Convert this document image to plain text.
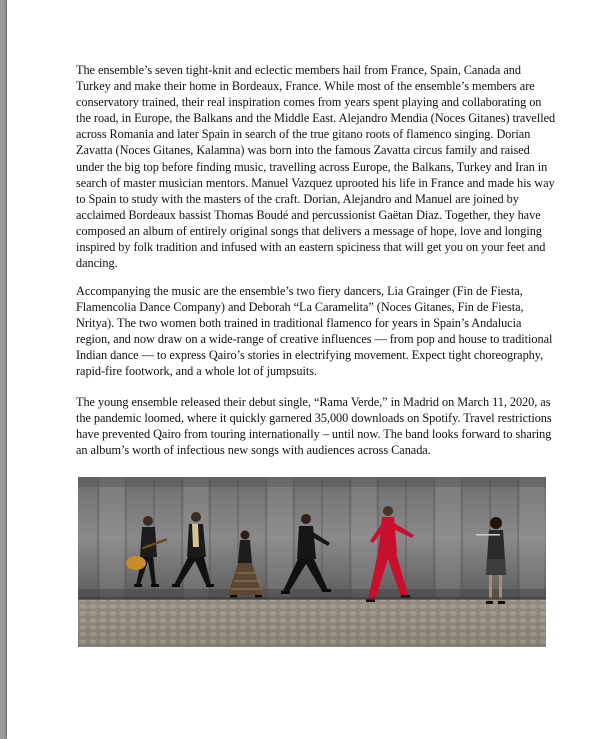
The ensemble’s seven tight-knit and eclectic members hail from France, Spain, Canada and Turkey and make their home in Bordeaux, France. While most of the ensemble’s members are conservatory trained, their real inspiration comes from years spent playing and collaborating on the road, in Europe, the Balkans and the Middle East. Alejandro Mendia (Noces Gitanes) travelled across Romania and later Spain in search of the true gitano roots of flamenco singing. Dorian Zavatta (Noces Gitanes, Kalamna) was born into the famous Zavatta circus family and raised under the big top before finding music, travelling across Europe, the Balkans, Turkey and Iran in search of master musician mentors. Manuel Vazquez uprooted his life in France and made his way to Spain to study with the masters of the craft. Dorian, Alejandro and Manuel are joined by acclaimed Bordeaux bassist Thomas Boudé and percussionist Gaëtan Diaz. Together, they have composed an album of entirely original songs that delivers a message of hope, love and longing inspired by folk tradition and infused with an eastern spiciness that will get you on your feet and dancing.

Accompanying the music are the ensemble’s two fiery dancers, Lia Grainger (Fin de Fiesta, Flamencolia Dance Company) and Deborah “La Caramelita” (Noces Gitanes, Fin de Fiesta, Nritya). The two women both trained in traditional flamenco for years in Spain’s Andalucia region, and now draw on a wide-range of creative influences — from pop and house to traditional Indian dance — to express Qairo’s stories in electrifying movement. Expect tight choreography, rapid-fire footwork, and a whole lot of jumpsuits.

The young ensemble released their debut single, “Rama Verde,” in Madrid on March 11, 2020, as the pandemic loomed, where it quickly garnered 35,000 downloads on Spotify. Travel restrictions have prevented Qairo from touring internationally – until now. The band looks forward to sharing an album’s worth of infectious new songs with audiences across Canada.
